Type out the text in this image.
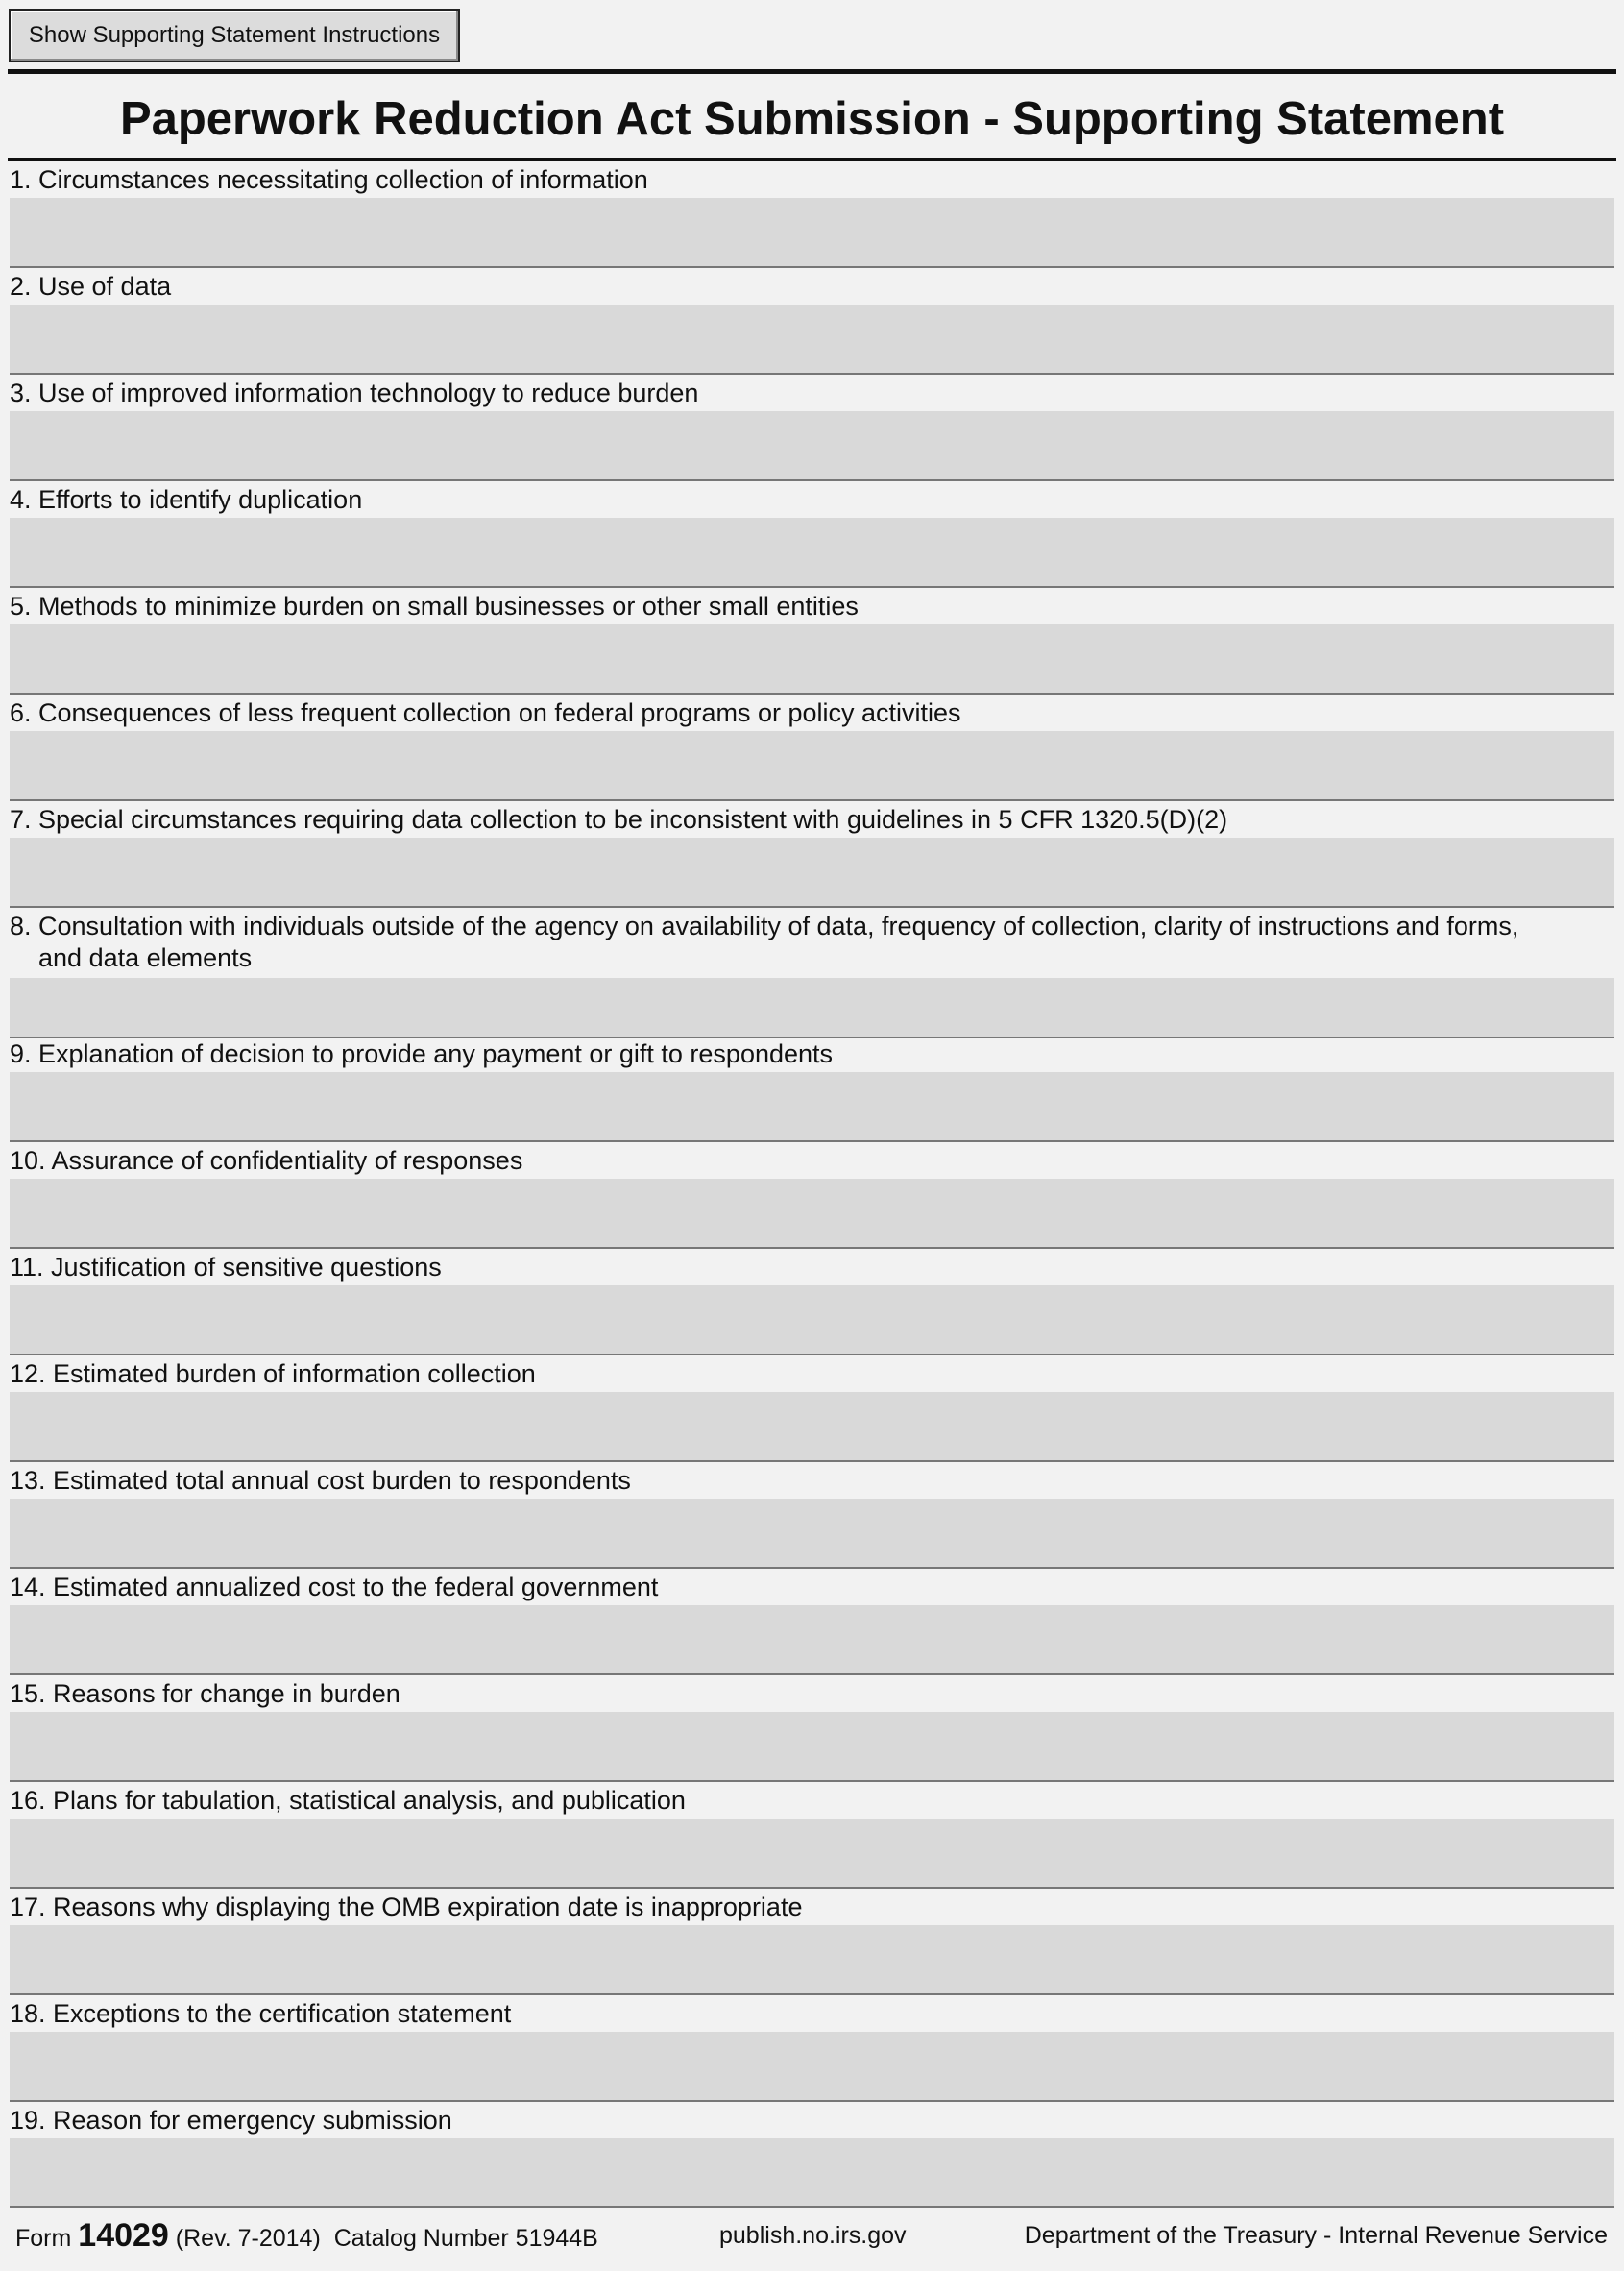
Show Supporting Statement Instructions
Paperwork Reduction Act Submission - Supporting Statement
1. Circumstances necessitating collection of information
2. Use of data
3. Use of improved information technology to reduce burden
4. Efforts to identify duplication
5. Methods to minimize burden on small businesses or other small entities
6. Consequences of less frequent collection on federal programs or policy activities
7. Special circumstances requiring data collection to be inconsistent with guidelines in 5 CFR 1320.5(D)(2)
8. Consultation with individuals outside of the agency on availability of data, frequency of collection, clarity of instructions and forms,
and data elements
9. Explanation of decision to provide any payment or gift to respondents
10. Assurance of confidentiality of responses
11. Justification of sensitive questions
12. Estimated burden of information collection
13. Estimated total annual cost burden to respondents
14. Estimated annualized cost to the federal government
15. Reasons for change in burden
16. Plans for tabulation, statistical analysis, and publication
17. Reasons why displaying the OMB expiration date is inappropriate
18. Exceptions to the certification statement
19. Reason for emergency submission
Form 14029 (Rev. 7-2014) Catalog Number 51944B	publish.no.irs.gov	Department of the Treasury - Internal Revenue Service
